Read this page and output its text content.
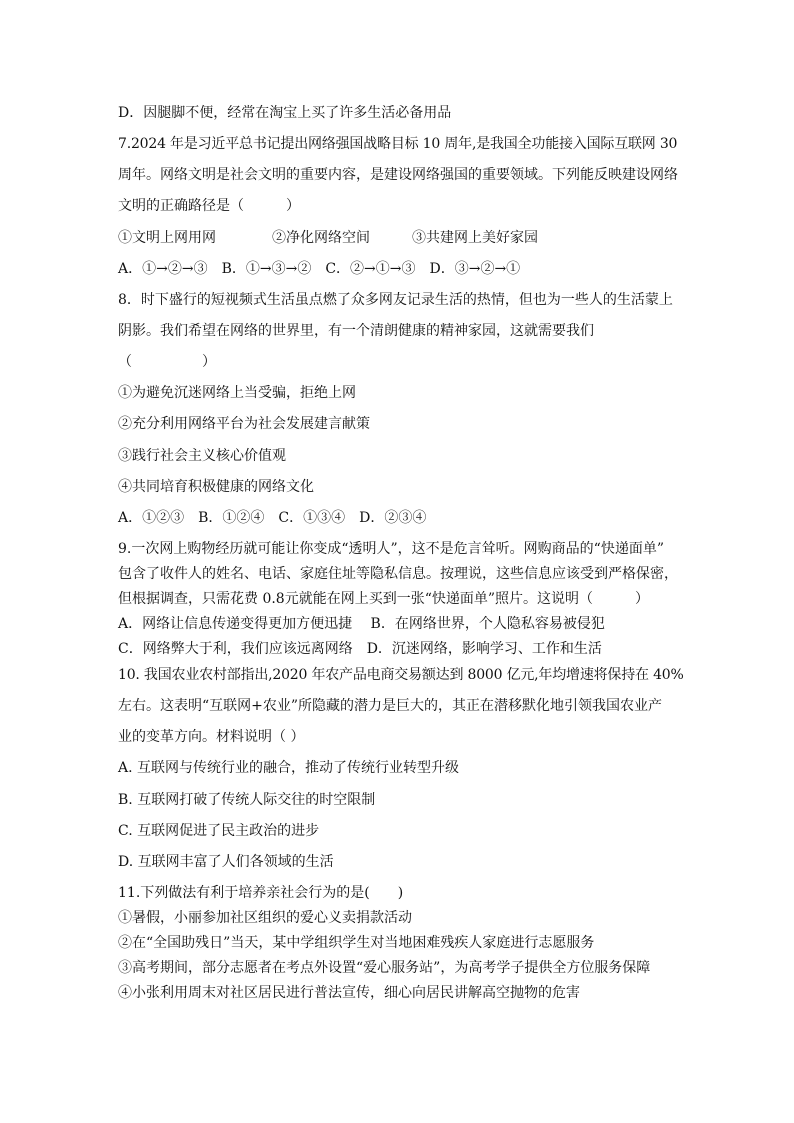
D．因腿脚不便，经常在淘宝上买了许多生活必备用品
7.2024 年是习近平总书记提出网络强国战略目标 10 周年,是我国全功能接入国际互联网 30
周年。网络文明是社会文明的重要内容，是建设网络强国的重要领域。下列能反映建设网络
文明的正确路径是（　　　）
①文明上网用网　　　　②净化网络空间　　　③共建网上美好家园
A．①→②→③　B．①→③→②　C．②→①→③　D．③→②→①
8．时下盛行的短视频式生活虽点燃了众多网友记录生活的热情，但也为一些人的生活蒙上
阴影。我们希望在网络的世界里，有一个清朗健康的精神家园，这就需要我们
（　　　　　）
①为避免沉迷网络上当受骗，拒绝上网
②充分利用网络平台为社会发展建言献策
③践行社会主义核心价值观
④共同培育积极健康的网络文化
A．①②③　B．①②④　C．①③④　D．②③④
9.一次网上购物经历就可能让你变成“透明人”，这不是危言耸听。网购商品的“快递面单”
包含了收件人的姓名、电话、家庭住址等隐私信息。按理说，这些信息应该受到严格保密，
但根据调查，只需花费 0.8元就能在网上买到一张“快递面单”照片。这说明（　　　）
A．网络让信息传递变得更加方便迅捷　 B．在网络世界，个人隐私容易被侵犯
C．网络弊大于利，我们应该远离网络　D．沉迷网络，影响学习、工作和生活
10. 我国农业农村部指出,2020 年农产品电商交易额达到 8000 亿元,年均增速将保持在 40%
左右。这表明“互联网+农业”所隐藏的潜力是巨大的，其正在潜移默化地引领我国农业产
业的变革方向。材料说明（ ）
A. 互联网与传统行业的融合，推动了传统行业转型升级
B. 互联网打破了传统人际交往的时空限制
C. 互联网促进了民主政治的进步
D. 互联网丰富了人们各领域的生活
11.下列做法有利于培养亲社会行为的是(　　)
①暑假，小丽参加社区组织的爱心义卖捐款活动
②在“全国助残日”当天，某中学组织学生对当地困难残疾人家庭进行志愿服务
③高考期间，部分志愿者在考点外设置“爱心服务站”，为高考学子提供全方位服务保障
④小张利用周末对社区居民进行普法宣传，细心向居民讲解高空抛物的危害
